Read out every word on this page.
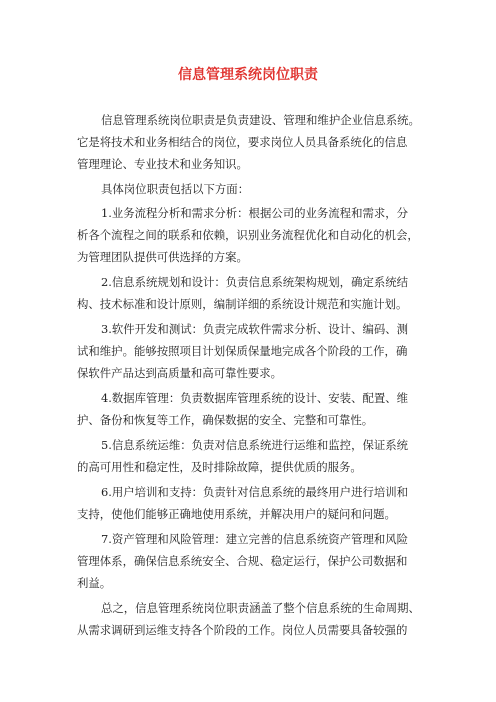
信息管理系统岗位职责

信息管理系统岗位职责是负责建设、管理和维护企业信息系统。

它是将技术和业务相结合的岗位，要求岗位人员具备系统化的信息

管理理论、专业技术和业务知识。

具体岗位职责包括以下方面：

1.业务流程分析和需求分析：根据公司的业务流程和需求，分

析各个流程之间的联系和依赖，识别业务流程优化和自动化的机会，

为管理团队提供可供选择的方案。

2.信息系统规划和设计：负责信息系统架构规划，确定系统结

构、技术标准和设计原则，编制详细的系统设计规范和实施计划。

3.软件开发和测试：负责完成软件需求分析、设计、编码、测

试和维护。能够按照项目计划保质保量地完成各个阶段的工作，确

保软件产品达到高质量和高可靠性要求。

4.数据库管理：负责数据库管理系统的设计、安装、配置、维

护、备份和恢复等工作，确保数据的安全、完整和可靠性。

5.信息系统运维：负责对信息系统进行运维和监控，保证系统

的高可用性和稳定性，及时排除故障，提供优质的服务。

6.用户培训和支持：负责针对信息系统的最终用户进行培训和

支持，使他们能够正确地使用系统，并解决用户的疑问和问题。

7.资产管理和风险管理：建立完善的信息系统资产管理和风险

管理体系，确保信息系统安全、合规、稳定运行，保护公司数据和

利益。

总之，信息管理系统岗位职责涵盖了整个信息系统的生命周期、

从需求调研到运维支持各个阶段的工作。岗位人员需要具备较强的
